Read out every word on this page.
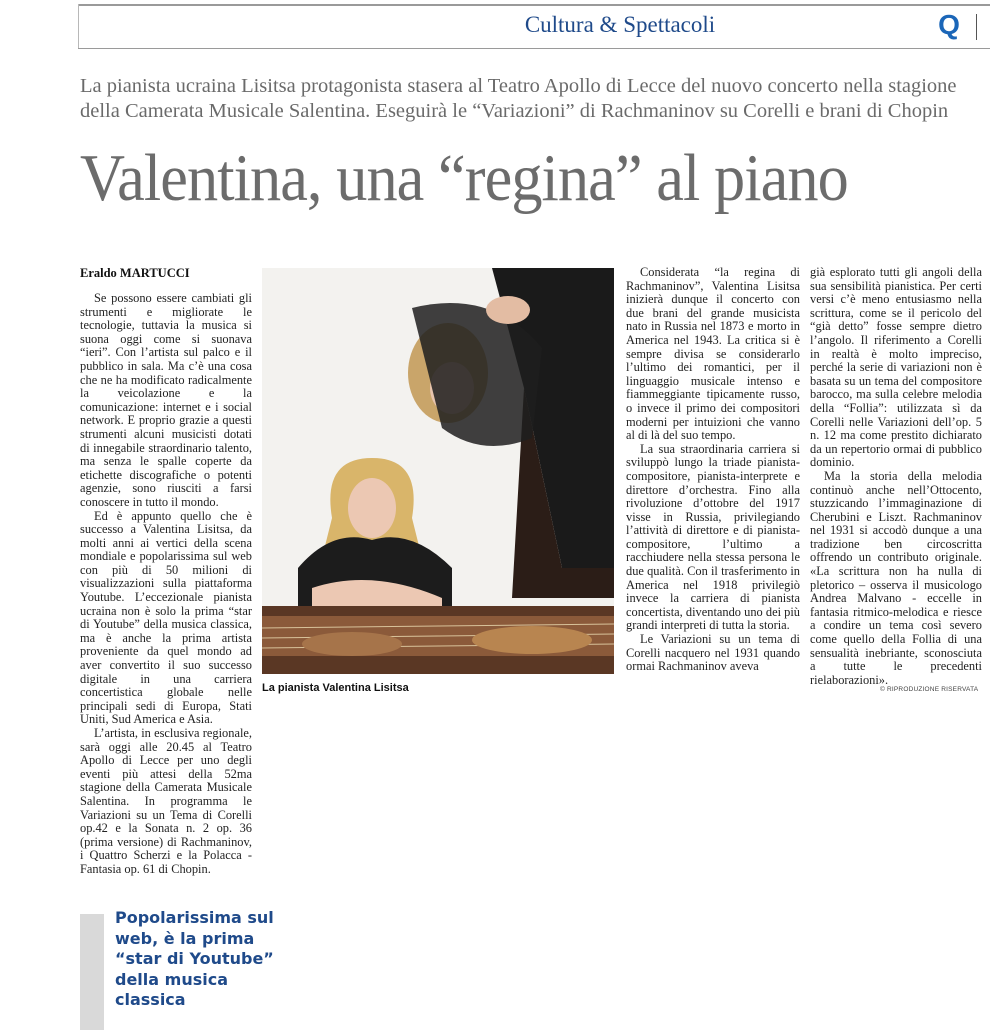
Cultura & Spettacoli	Q
La pianista ucraina Lisitsa protagonista stasera al Teatro Apollo di Lecce del nuovo concerto nella stagione
della Camerata Musicale Salentina. Eseguirà le “Variazioni” di Rachmaninov su Corelli e brani di Chopin
Valentina, una “regina” al piano
Eraldo MARTUCCI

Se possono essere cambiati gli strumenti e migliorate le tecnologie, tuttavia la musica si suona oggi come si suonava “ieri”. Con l’artista sul palco e il pubblico in sala. Ma c’è una cosa che ne ha modificato radicalmente la veicolazione e la comunicazione: internet e i social network. E proprio grazie a questi strumenti alcuni musicisti dotati di innegabile straordinario talento, ma senza le spalle coperte da etichette discografiche o potenti agenzie, sono riusciti a farsi conoscere in tutto il mondo.

Ed è appunto quello che è successo a Valentina Lisitsa, da molti anni ai vertici della scena mondiale e popolarissima sul web con più di 50 milioni di visualizzazioni sulla piattaforma Youtube. L’eccezionale pianista ucraina non è solo la prima “star di Youtube” della musica classica, ma è anche la prima artista proveniente da quel mondo ad aver convertito il suo successo digitale in una carriera concertistica globale nelle principali sedi di Europa, Stati Uniti, Sud America e Asia.

L’artista, in esclusiva regionale, sarà oggi alle 20.45 al Teatro Apollo di Lecce per uno degli eventi più attesi della 52ma stagione della Camerata Musicale Salentina. In programma le Variazioni su un Tema di Corelli op.42 e la Sonata n. 2 op. 36 (prima versione) di Rachmaninov, i Quattro Scherzi e la Polacca - Fantasia op. 61 di Chopin.

La pianista Valentina Lisitsa

Considerata “la regina di Rachmaninov”, Valentina Lisitsa inizierà dunque il concerto con due brani del grande musicista nato in Russia nel 1873 e morto in America nel 1943. La critica si è sempre divisa se considerarlo l’ultimo dei romantici, per il linguaggio musicale intenso e fiammeggiante tipicamente russo, o invece il primo dei compositori moderni per intuizioni che vanno al di là del suo tempo.

La sua straordinaria carriera si sviluppò lungo la triade pianista-compositore, pianista-interprete e direttore d’orchestra. Fino alla rivoluzione d’ottobre del 1917 visse in Russia, privilegiando l’attività di direttore e di pianista-compositore, l’ultimo a racchiudere nella stessa persona le due qualità. Con il trasferimento in America nel 1918 privilegiò invece la carriera di pianista concertista, diventando uno dei più grandi interpreti di tutta la storia.

Le Variazioni su un tema di Corelli nacquero nel 1931 quando ormai Rachmaninov aveva

già esplorato tutti gli angoli della sua sensibilità pianistica. Per certi versi c’è meno entusiasmo nella scrittura, come se il pericolo del “già detto” fosse sempre dietro l’angolo. Il riferimento a Corelli in realtà è molto impreciso, perché la serie di variazioni non è basata su un tema del compositore barocco, ma sulla celebre melodia della “Follia”: utilizzata sì da Corelli nelle Variazioni dell’op. 5 n. 12 ma come prestito dichiarato da un repertorio ormai di pubblico dominio.

Ma la storia della melodia continuò anche nell’Ottocento, stuzzicando l’immaginazione di Cherubini e Liszt. Rachmaninov nel 1931 si accodò dunque a una tradizione ben circoscritta offrendo un contributo originale. «La scrittura non ha nulla di pletorico – osserva il musicologo Andrea Malvano - eccelle in fantasia ritmico-melodica e riesce a condire un tema così severo come quello della Follia di una sensualità inebriante, sconosciuta a tutte le precedenti rielaborazioni».

© RIPRODUZIONE RISERVATA
Popolarissima sul web, è la prima “star di Youtube” della musica classica
